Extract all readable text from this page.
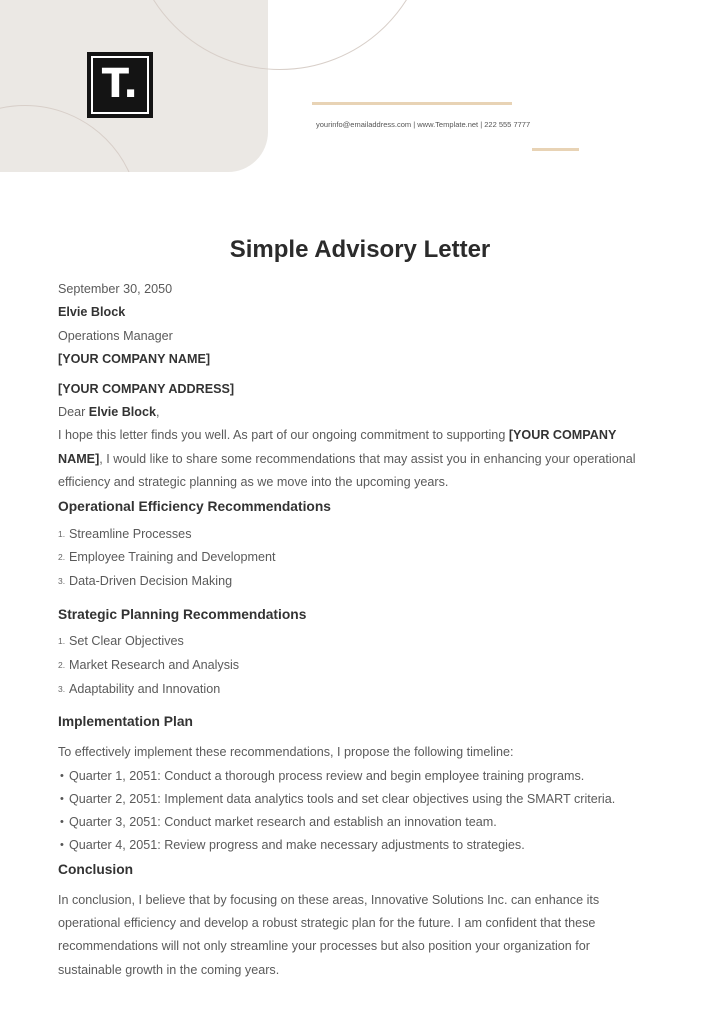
T.
yourinfo@emailaddress.com | www.Template.net | 222 555 7777
Simple Advisory Letter

September 30, 2050

Elvie Block

Operations Manager

[YOUR COMPANY NAME]

[YOUR COMPANY ADDRESS]

Dear Elvie Block,

I hope this letter finds you well. As part of our ongoing commitment to supporting [YOUR COMPANY NAME], I would like to share some recommendations that may assist you in enhancing your operational efficiency and strategic planning as we move into the upcoming years.

Operational Efficiency Recommendations
1. Streamline Processes
2. Employee Training and Development
3. Data-Driven Decision Making
Strategic Planning Recommendations
1. Set Clear Objectives
2. Market Research and Analysis
3. Adaptability and Innovation
Implementation Plan

To effectively implement these recommendations, I propose the following timeline:

• Quarter 1, 2051: Conduct a thorough process review and begin employee training programs.
• Quarter 2, 2051: Implement data analytics tools and set clear objectives using the SMART criteria.
• Quarter 3, 2051: Conduct market research and establish an innovation team.
• Quarter 4, 2051: Review progress and make necessary adjustments to strategies.
Conclusion

In conclusion, I believe that by focusing on these areas, Innovative Solutions Inc. can enhance its operational efficiency and develop a robust strategic plan for the future. I am confident that these recommendations will not only streamline your processes but also position your organization for sustainable growth in the coming years.
